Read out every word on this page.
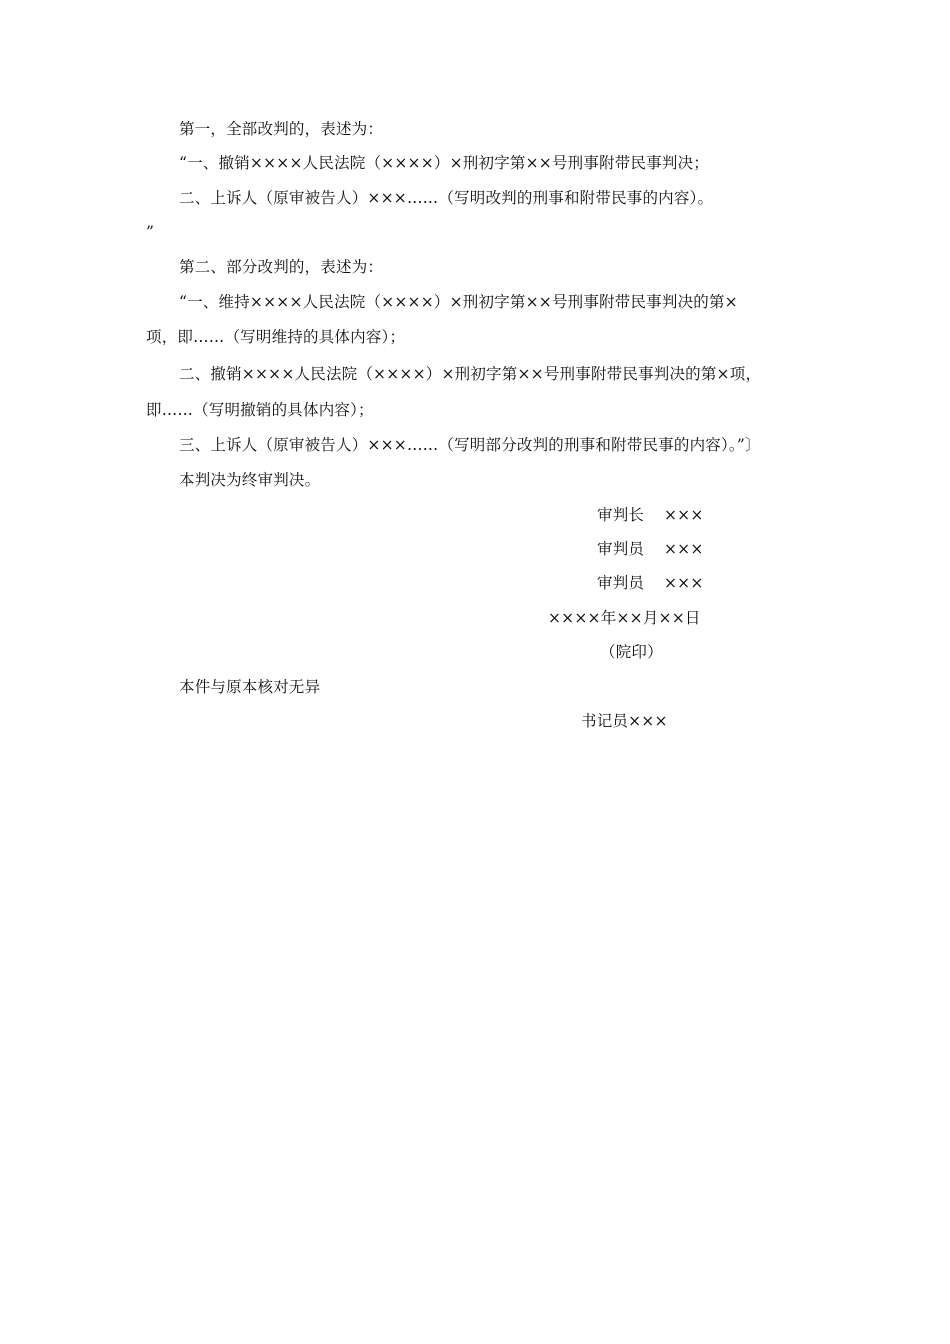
第一，全部改判的，表述为：
“一、撤销××××人民法院（××××）×刑初字第××号刑事附带民事判决；
二、上诉人（原审被告人）×××……（写明改判的刑事和附带民事的内容）。
”
第二、部分改判的，表述为：
“一、维持××××人民法院（××××）×刑初字第××号刑事附带民事判决的第×
项，即……（写明维持的具体内容）；
二、撤销××××人民法院（××××）×刑初字第××号刑事附带民事判决的第×项，
即……（写明撤销的具体内容）；
三、上诉人（原审被告人）×××……（写明部分改判的刑事和附带民事的内容）。”〕
本判决为终审判决。
审判长 ×××
审判员 ×××
审判员 ×××
××××年××月××日
（院印）
本件与原本核对无异
书记员×××
